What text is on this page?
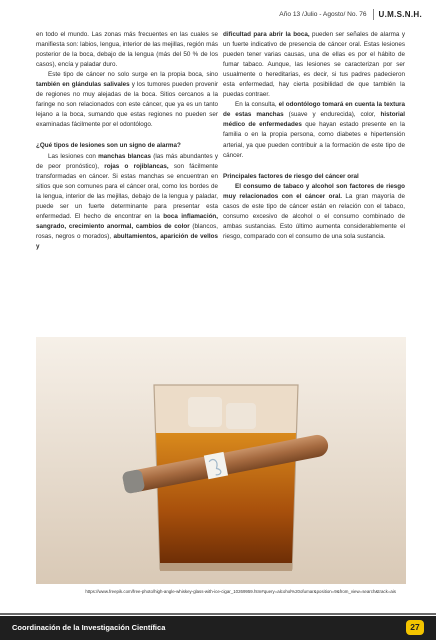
Año 13 /Julio - Agosto/ No. 76 U.M.S.N.H.

en todo el mundo. Las zonas más frecuentes en las cuales se manifiesta son: labios, lengua, interior de las mejillas, región más posterior de la boca, debajo de la lengua (más del 50 % de los casos), encía y paladar duro.

Este tipo de cáncer no solo surge en la propia boca, sino también en glándulas salivales y los tumores pueden provenir de regiones no muy alejadas de la boca. Sitios cercanos a la faringe no son relacionados con este cáncer, que ya es un tanto lejano a la boca, sumando que estas regiones no pueden ser examinadas fácilmente por el odontólogo.

¿Qué tipos de lesiones son un signo de alarma?

Las lesiones con manchas blancas (las más abundantes y de peor pronóstico), rojas o rojiblancas, son fácilmente transformadas en cáncer. Si estas manchas se encuentran en sitios que son comunes para el cáncer oral, como los bordes de la lengua, interior de las mejillas, debajo de la lengua y paladar, puede ser un fuerte determinante para presentar esta enfermedad. El hecho de encontrar en la boca inflamación, sangrado, crecimiento anormal, cambios de color (blancos, rosas, negros o morados), abultamientos, aparición de vellos y

dificultad para abrir la boca, pueden ser señales de alarma y un fuerte indicativo de presencia de cáncer oral. Estas lesiones pueden tener varias causas, una de ellas es por el hábito de fumar tabaco. Aunque, las lesiones se caracterizan por ser usualmente o hereditarias, es decir, si tus padres padecieron esta enfermedad, hay cierta posibilidad de que también la puedas contraer.

En la consulta, el odontólogo tomará en cuenta la textura de estas manchas (suave y endurecida), color, historial médico de enfermedades que hayan estado presente en la familia o en la propia persona, como diabetes e hipertensión arterial, ya que pueden contribuir a la formación de este tipo de cáncer.

Principales factores de riesgo del cáncer oral

El consumo de tabaco y alcohol son factores de riesgo muy relacionados con el cáncer oral. La gran mayoría de casos de este tipo de cáncer están en relación con el tabaco, consumo excesivo de alcohol o el consumo combinado de ambas sustancias. Esto último aumenta considerablemente el riesgo, comparado con el consumo de una sola sustancia.

https://www.freepik.com/free-photo/high-angle-whiskey-glass-with-ice-cigar_10269959.htm#query=alcohol%20ofumar&position=9&from_view=search&track=ais
Coordinación de la Investigación Científica	27
